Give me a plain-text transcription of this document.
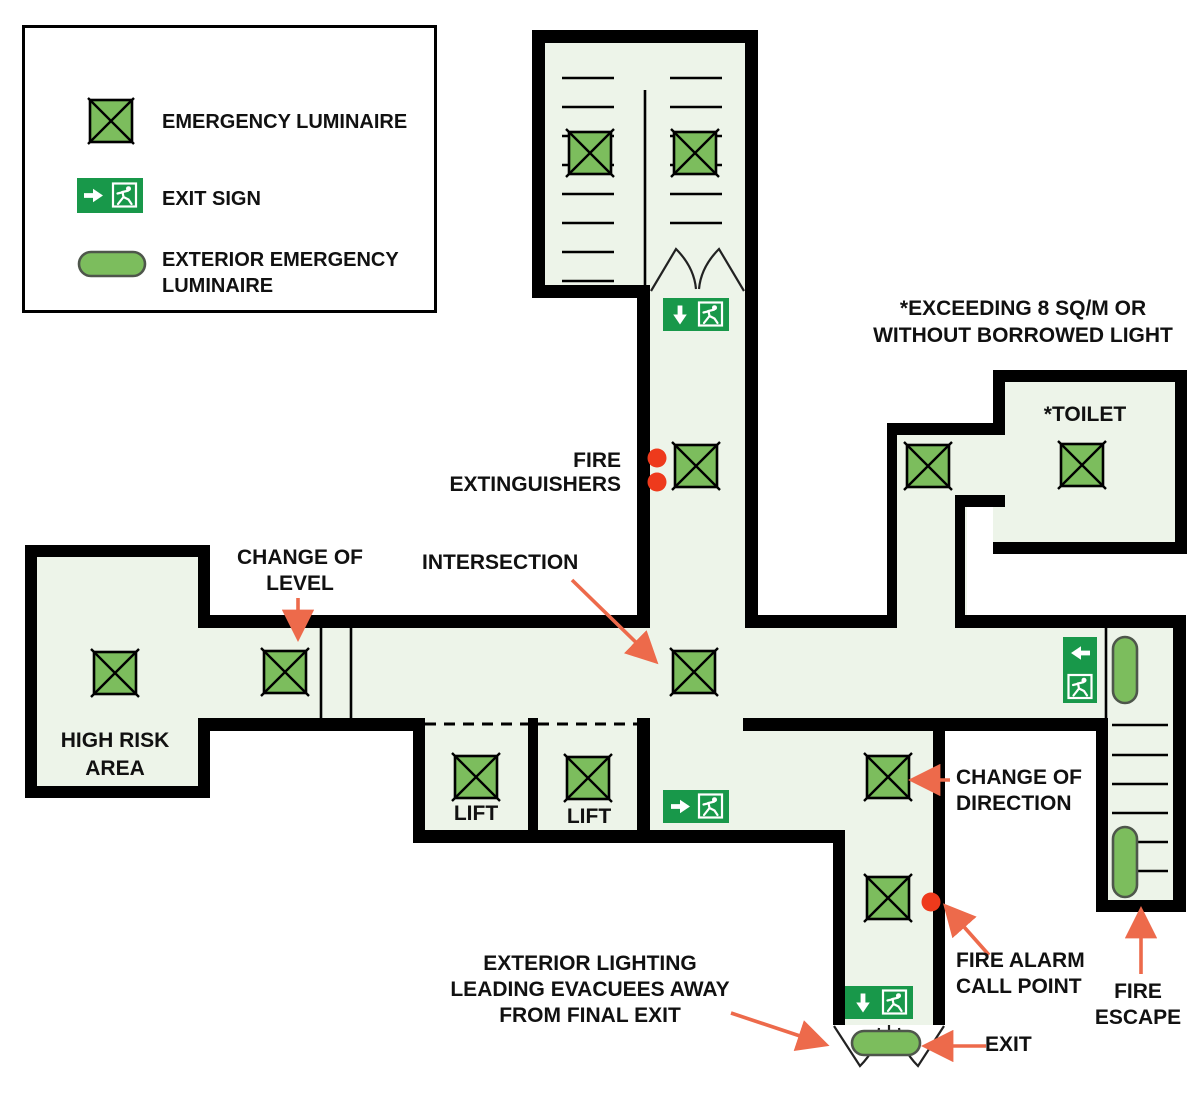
*EXCEEDING 8 SQ/M OR
WITHOUT BORROWED LIGHT
*TOILET
FIRE
EXTINGUISHERS
INTERSECTION
CHANGE OF
LEVEL
HIGH RISK
AREA
LIFT	LIFT
CHANGE OF
DIRECTION
FIRE ALARM
CALL POINT FIRE
ESCAPE
EXTERIOR LIGHTING
LEADING EVACUEES AWAY
FROM FINAL EXIT
EXIT
EMERGENCY LUMINAIRE
EXIT SIGN
EXTERIOR EMERGENCY
LUMINAIRE
